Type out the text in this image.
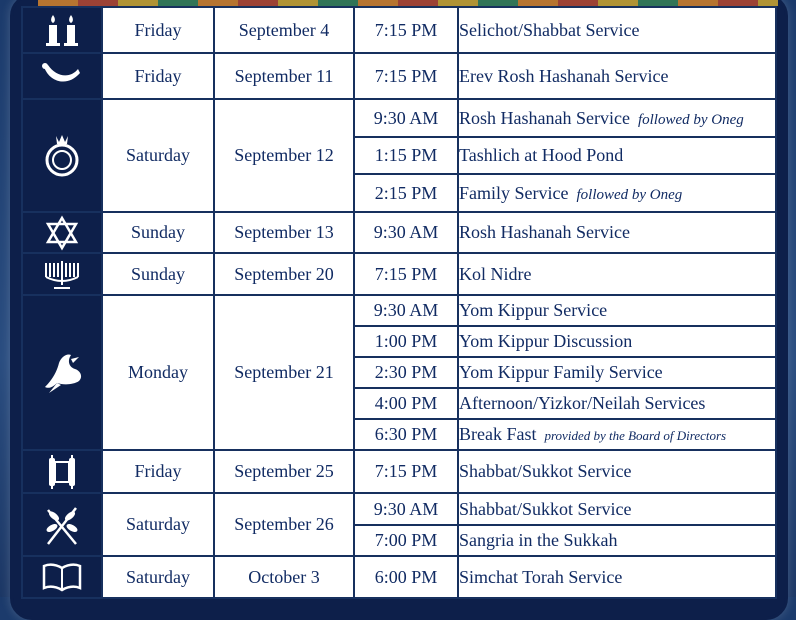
	Friday	September 4	7:15 PM	Selichot/Shabbat Service

	Friday	September 11	7:15 PM	Erev Rosh Hashanah Service

	Saturday	September 12	9:30 AM	Rosh Hashanah Service followed by Oneg
			1:15 PM	Tashlich at Hood Pond
			2:15 PM	Family Service followed by Oneg

	Sunday	September 13	9:30 AM	Rosh Hashanah Service

	Sunday	September 20	7:15 PM	Kol Nidre

	Monday	September 21	9:30 AM	Yom Kippur Service
			1:00 PM	Yom Kippur Discussion
			2:30 PM	Yom Kippur Family Service
			4:00 PM	Afternoon/Yizkor/Neilah Services
			6:30 PM	Break Fast provided by the Board of Directors

	Friday	September 25	7:15 PM	Shabbat/Sukkot Service

	Saturday	September 26	9:30 AM	Shabbat/Sukkot Service
			7:00 PM	Sangria in the Sukkah

	Saturday	October 3	6:00 PM	Simchat Torah Service
